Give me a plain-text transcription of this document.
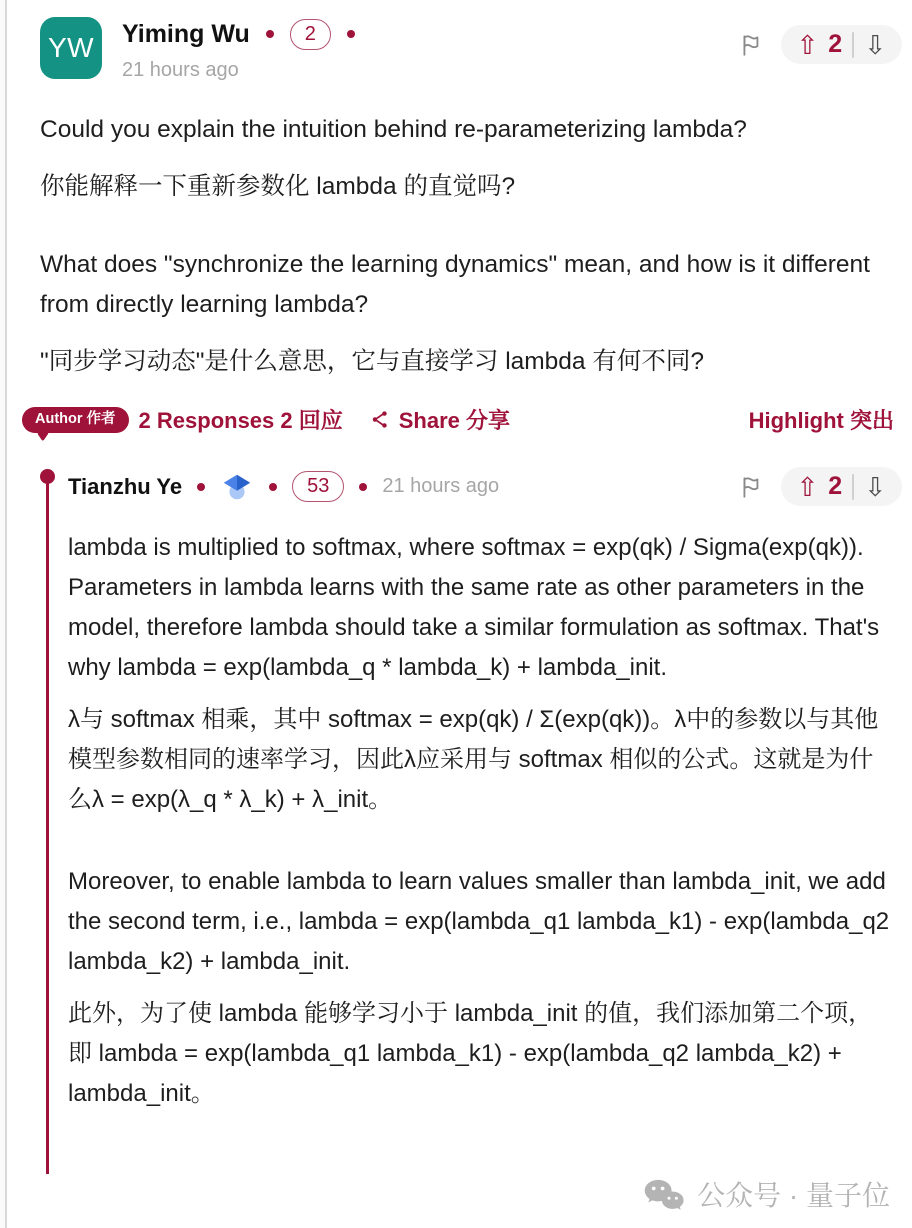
YW	Yiming Wu	2
21 hours ago
⇧ 2 ⇩

Could you explain the intuition behind re-parameterizing lambda?

你能解释一下重新参数化 lambda 的直觉吗?

What does "synchronize the learning dynamics" mean, and how is it different from directly learning lambda?

"同步学习动态"是什么意思，它与直接学习 lambda 有何不同?

Author 作者	2 Responses 2 回应	Share 分享	Highlight 突出
Tianzhu Ye	53	21 hours ago	⇧ 2 ⇩

lambda is multiplied to softmax, where softmax = exp(qk) / Sigma(exp(qk)). Parameters in lambda learns with the same rate as other parameters in the model, therefore lambda should take a similar formulation as softmax. That's why lambda = exp(lambda_q * lambda_k) + lambda_init.

λ与 softmax 相乘，其中 softmax = exp(qk) / Σ(exp(qk))。λ中的参数以与其他模型参数相同的速率学习，因此λ应采用与 softmax 相似的公式。这就是为什么λ = exp(λ_q * λ_k) + λ_init。

Moreover, to enable lambda to learn values smaller than lambda_init, we add the second term, i.e., lambda = exp(lambda_q1 lambda_k1) - exp(lambda_q2 lambda_k2) + lambda_init.

此外，为了使 lambda 能够学习小于 lambda_init 的值，我们添加第二个项，即 lambda = exp(lambda_q1 lambda_k1) - exp(lambda_q2 lambda_k2) + lambda_init。

公众号 · 量子位
